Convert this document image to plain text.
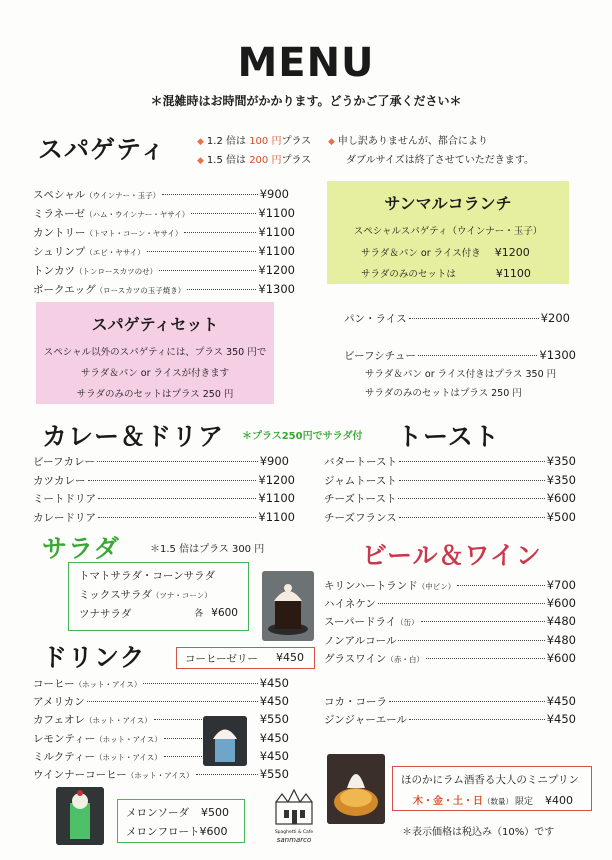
MENU
＊混雑時はお時間がかかります。どうかご了承ください＊
スパゲティ	◆ 1.2 倍は 100 円プラス
◆ 1.5 倍は 200 円プラス
◆ 申し訳ありませんが、都合により
ダブルサイズは終了させていただきます。
スペシャル（ウインナー・玉子）	¥900
ミラネーゼ（ハム・ウインナー・ヤサイ）	¥1100
カントリー（トマト・コーン・ヤサイ）	¥1100
シュリンプ（エビ・ヤサイ）	¥1100
トンカツ（トンロースカツのせ）	¥1200
ポークエッグ（ロースカツの玉子焼き）	¥1300
サンマルコランチ
スペシャルスパゲティ（ウインナー・玉子）
サラダ＆パン or ライス付き ¥1200
サラダのみのセットは	¥1100
スパゲティセット
スペシャル以外のスパゲティには、プラス 350 円で
サラダ＆パン or ライスが付きます
サラダのみのセットはプラス 250 円
パン・ライス	¥200
ビーフシチュー	¥1300
サラダ＆パン or ライス付きはプラス 350 円
サラダのみのセットはプラス 250 円
カレー＆ドリア ＊プラス250円でサラダ付
ビーフカレー	¥900
カツカレー	¥1200
ミートドリア	¥1100
カレードリア	¥1100
トースト
バタートースト	¥350
ジャムトースト	¥350
チーズトースト	¥600
チーズフランス	¥500
サラダ	＊1.5 倍はプラス 300 円
トマトサラダ・コーンサラダ
ミックスサラダ（ツナ・コーン）
ツナサラダ	各 ¥600
ビール＆ワイン
キリンハートランド（中ビン）	¥700
ハイネケン	¥600
スーパードライ（缶）	¥480
ノンアルコール	¥480
グラスワイン（赤・白）	¥600
ドリンク	コーヒーゼリー ¥450
コーヒー（ホット・アイス）	¥450
アメリカン	¥450
カフェオレ（ホット・アイス）	¥550
レモンティー（ホット・アイス）	¥450
ミルクティー（ホット・アイス）	¥450
ウインナーコーヒー（ホット・アイス）	¥550
コカ・コーラ	¥450
ジンジャーエール	¥450
メロンソーダ ¥500
メロンフロート¥600	Spaghetti & Cafe
sanmarco
ほのかにラム酒香る大人のミニプリン
木・金・土・日（数量） 限定 ¥400
＊表示価格は税込み（10%）です
